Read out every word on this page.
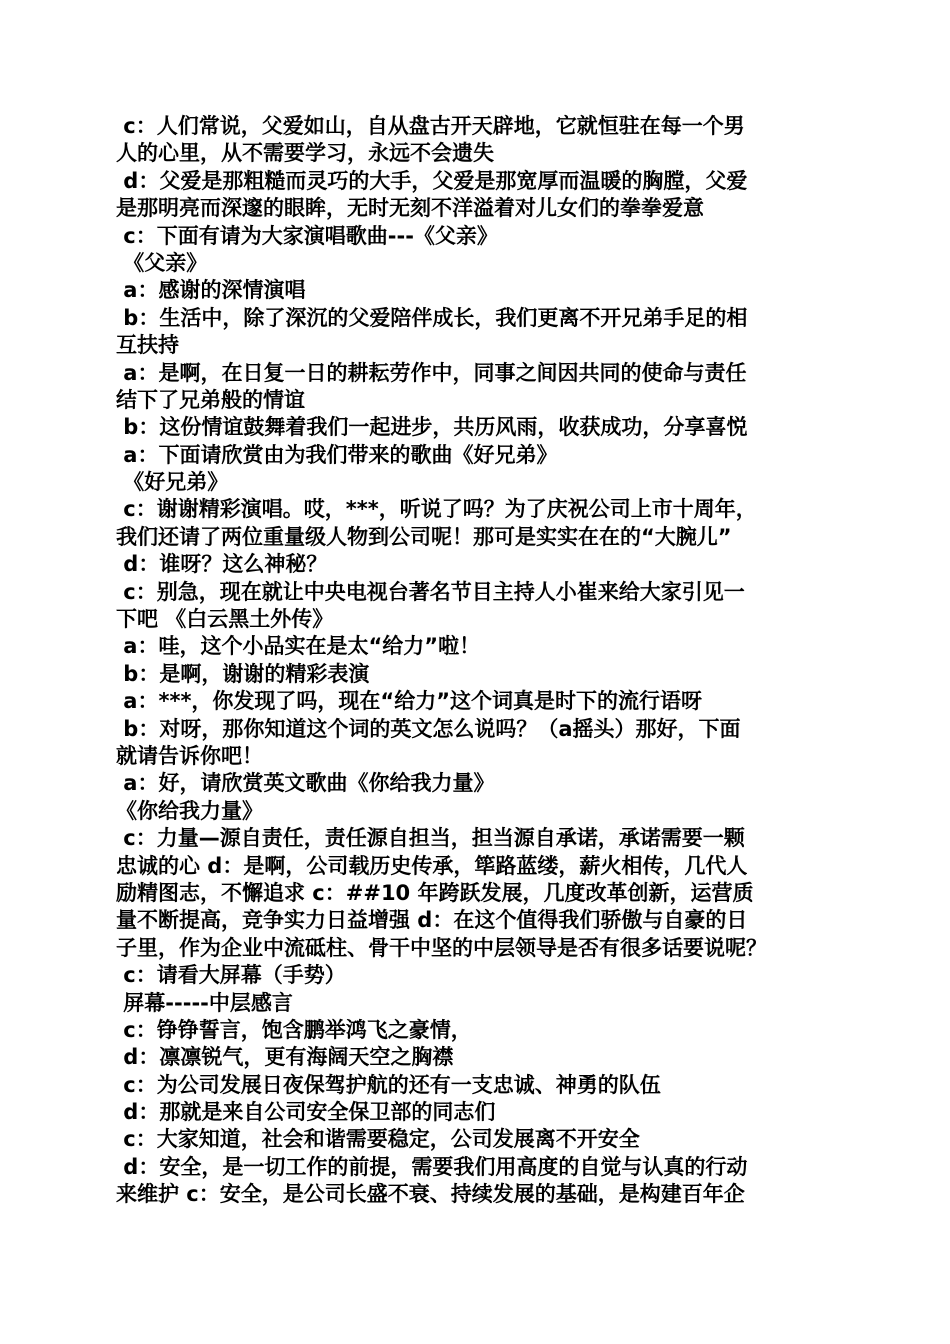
c：人们常说，父爱如山，自从盘古开天辟地，它就恒驻在每一个男
人的心里，从不需要学习，永远不会遗失
d：父爱是那粗糙而灵巧的大手，父爱是那宽厚而温暖的胸膛，父爱
是那明亮而深邃的眼眸，无时无刻不洋溢着对儿女们的拳拳爱意
c：下面有请为大家演唱歌曲---《父亲》
《父亲》
a：感谢的深情演唱
b：生活中，除了深沉的父爱陪伴成长，我们更离不开兄弟手足的相
互扶持
a：是啊，在日复一日的耕耘劳作中，同事之间因共同的使命与责任
结下了兄弟般的情谊
b：这份情谊鼓舞着我们一起进步，共历风雨，收获成功，分享喜悦
a：下面请欣赏由为我们带来的歌曲《好兄弟》
《好兄弟》
c：谢谢精彩演唱。哎，***，听说了吗？为了庆祝公司上市十周年，
我们还请了两位重量级人物到公司呢！那可是实实在在的“大腕儿”
d：谁呀？这么神秘？
c：别急，现在就让中央电视台著名节目主持人小崔来给大家引见一
下吧 《白云黑土外传》
a：哇，这个小品实在是太“给力”啦！
b：是啊，谢谢的精彩表演
a：***，你发现了吗，现在“给力”这个词真是时下的流行语呀
b：对呀，那你知道这个词的英文怎么说吗？（a摇头）那好，下面
就请告诉你吧！
a：好，请欣赏英文歌曲《你给我力量》
《你给我力量》
c：力量—源自责任，责任源自担当，担当源自承诺，承诺需要一颗
忠诚的心 d：是啊，公司载历史传承，筚路蓝缕，薪火相传，几代人
励精图志，不懈追求 c：##10 年跨跃发展，几度改革创新，运营质
量不断提高，竞争实力日益增强 d：在这个值得我们骄傲与自豪的日
子里，作为企业中流砥柱、骨干中坚的中层领导是否有很多话要说呢？
c：请看大屏幕（手势）
屏幕-----中层感言
c：铮铮誓言，饱含鹏举鸿飞之豪情，
d：凛凛锐气，更有海阔天空之胸襟
c：为公司发展日夜保驾护航的还有一支忠诚、神勇的队伍
d：那就是来自公司安全保卫部的同志们
c：大家知道，社会和谐需要稳定，公司发展离不开安全
d：安全，是一切工作的前提，需要我们用高度的自觉与认真的行动
来维护 c：安全，是公司长盛不衰、持续发展的基础，是构建百年企
